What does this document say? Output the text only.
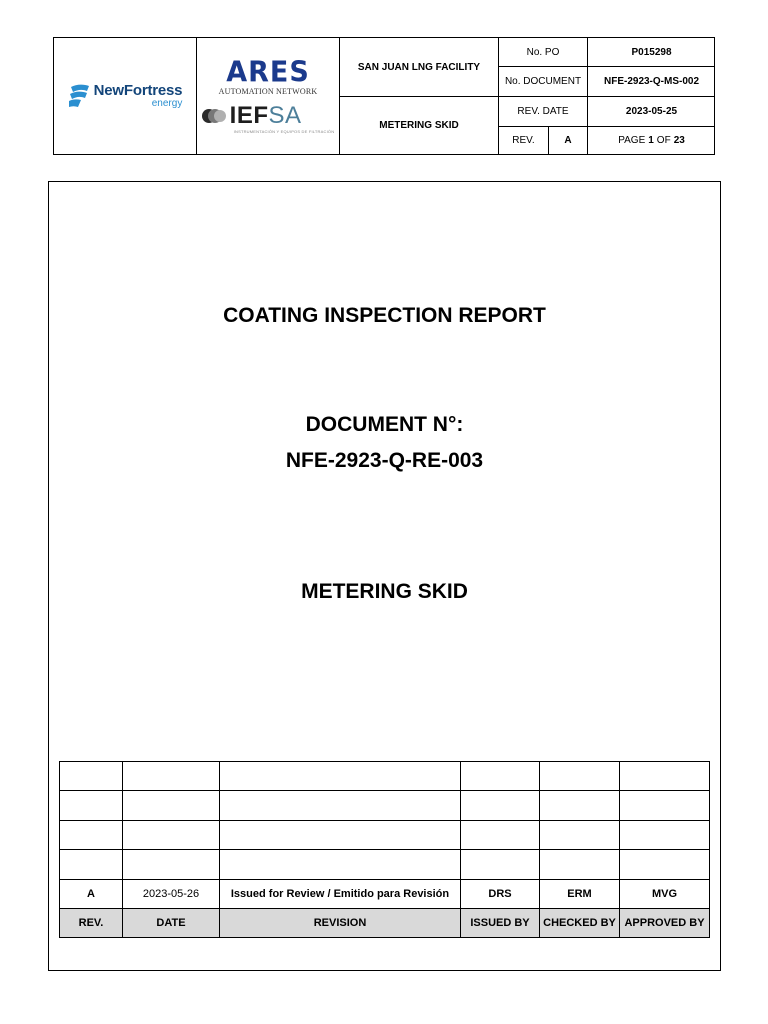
NewFortress
energy
ARES
AUTOMATION NETWORK
IEFSA
INSTRUMENTACIÓN Y EQUIPOS DE FILTRACIÓN
SAN JUAN LNG FACILITY
METERING SKID
No. PO	P015298
No. DOCUMENT	NFE-2923-Q-MS-002
REV. DATE	2023-05-25
REV.	A	PAGE 1 OF 23
COATING INSPECTION REPORT
DOCUMENT N°:
NFE-2923-Q-RE-003
METERING SKID

A	2023-05-26	Issued for Review / Emitido para Revisión	DRS	ERM	MVG
REV.	DATE	REVISION	ISSUED BY	CHECKED BY	APPROVED BY
